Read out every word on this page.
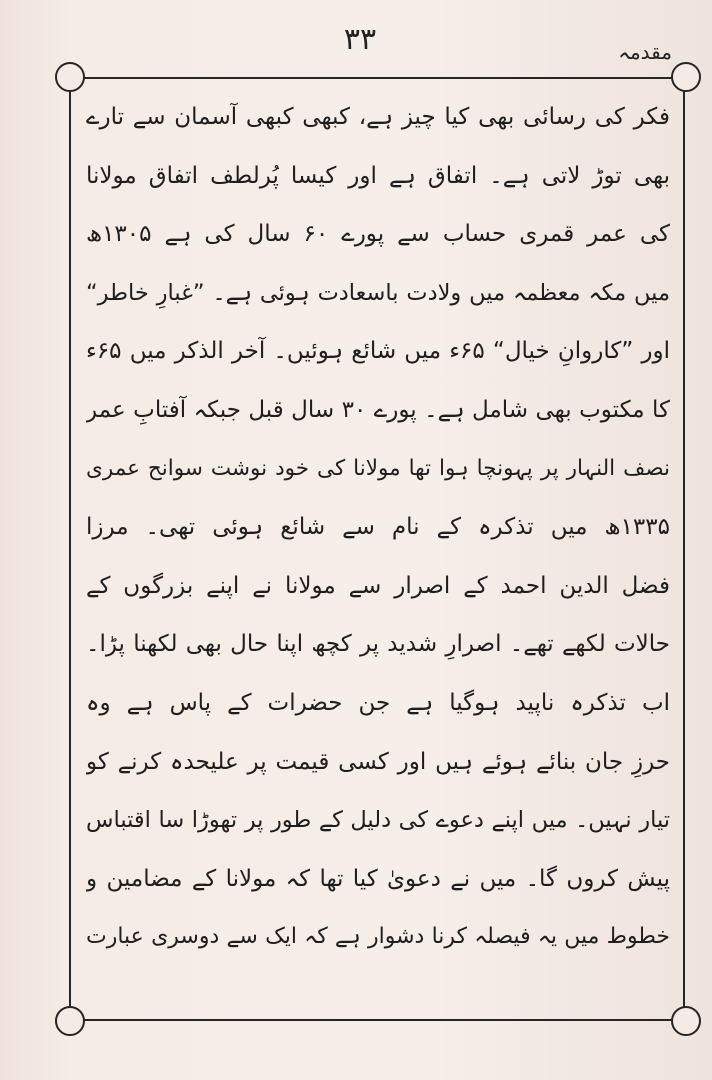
۳۳	مقدمہ
فکر کی رسائی بھی کیا چیز ہے، کبھی کبھی آسمان سے تارے
بھی توڑ لاتی ہے۔ اتفاق ہے اور کیسا پُرلطف اتفاق مولانا
کی عمر قمری حساب سے پورے ۶۰ سال کی ہے ۱۳۰۵ھ
میں مکہ معظمہ میں ولادت باسعادت ہوئی ہے۔ ”غبارِ خاطر“
اور ”کاروانِ خیال“ ۶۵ء میں شائع ہوئیں۔ آخر الذکر میں ۶۵ء
کا مکتوب بھی شامل ہے۔ پورے ۳۰ سال قبل جبکہ آفتابِ عمر
نصف النہار پر پہونچا ہوا تھا مولانا کی خود نوشت سوانح عمری
۱۳۳۵ھ میں تذکرہ کے نام سے شائع ہوئی تھی۔ مرزا
فضل الدین احمد کے اصرار سے مولانا نے اپنے بزرگوں کے
حالات لکھے تھے۔ اصرارِ شدید پر کچھ اپنا حال بھی لکھنا پڑا۔
اب تذکرہ ناپید ہوگیا ہے جن حضرات کے پاس ہے وہ
حرزِ جان بنائے ہوئے ہیں اور کسی قیمت پر علیحدہ کرنے کو
تیار نہیں۔ میں اپنے دعوے کی دلیل کے طور پر تھوڑا سا اقتباس
پیش کروں گا۔ میں نے دعویٰ کیا تھا کہ مولانا کے مضامین و
خطوط میں یہ فیصلہ کرنا دشوار ہے کہ ایک سے دوسری عبارت
